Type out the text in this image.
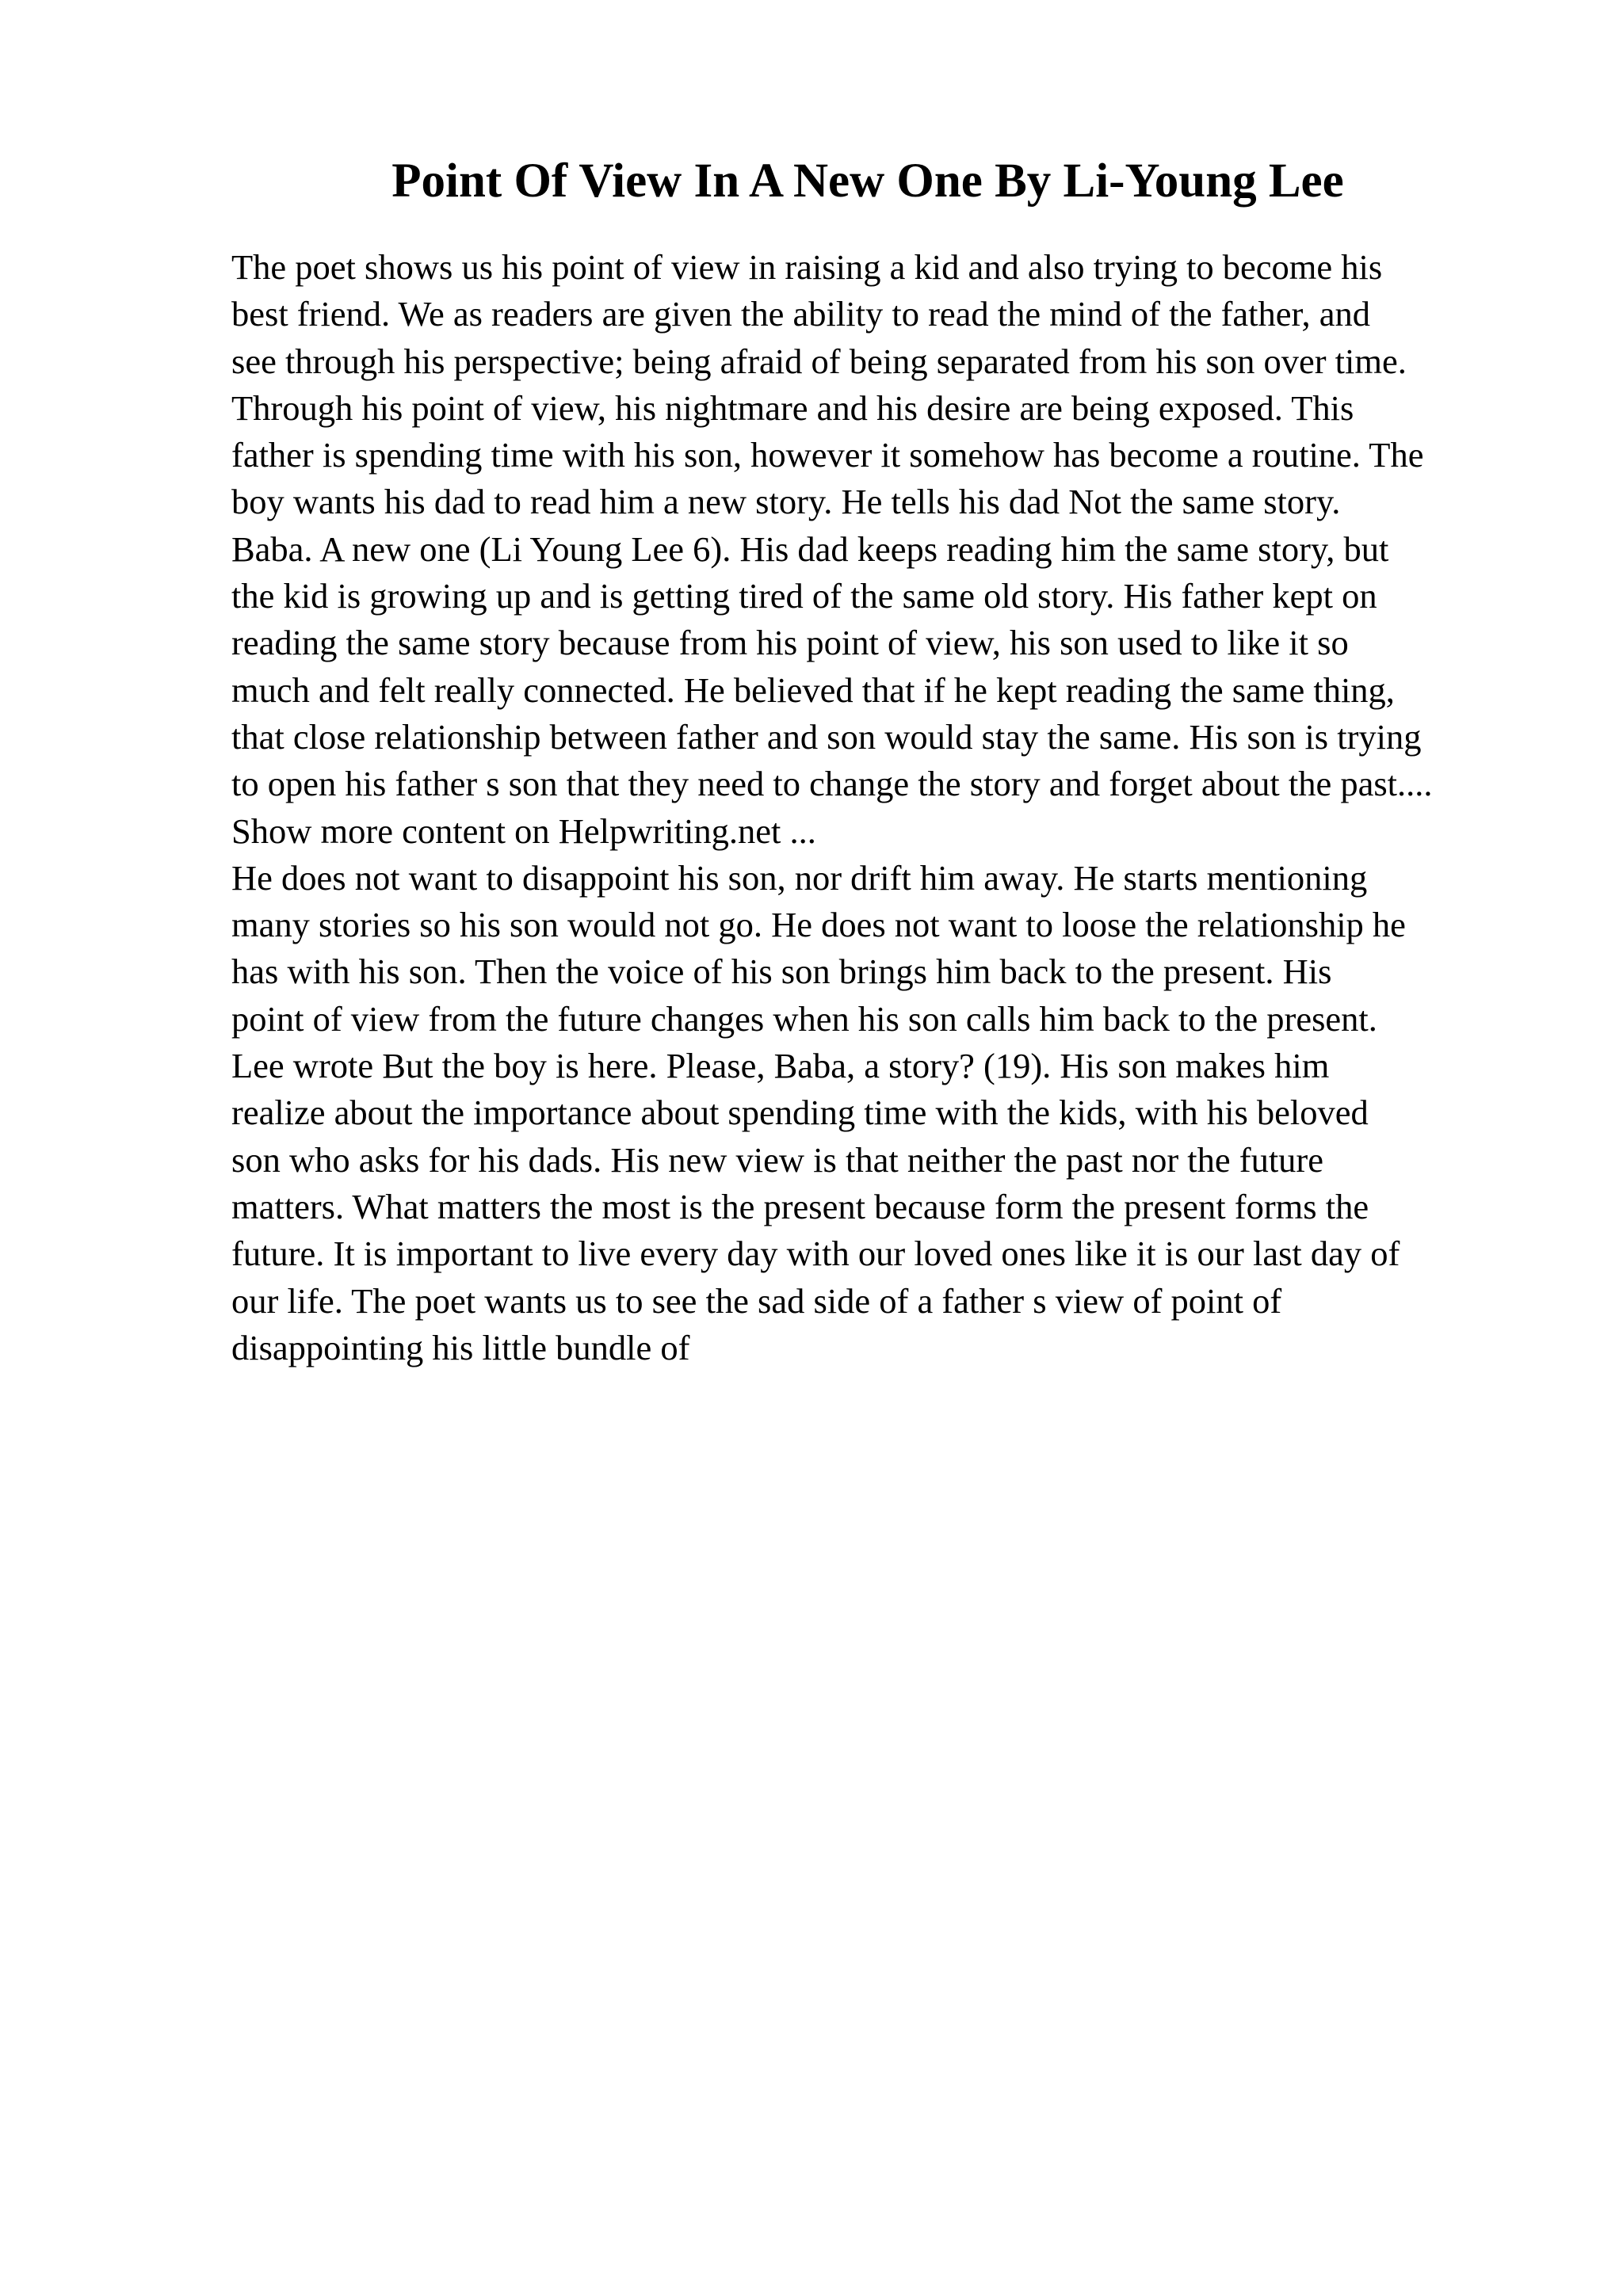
Point Of View In A New One By Li-Young Lee
The poet shows us his point of view in raising a kid and also trying to become his
best friend. We as readers are given the ability to read the mind of the father, and
see through his perspective; being afraid of being separated from his son over time.
Through his point of view, his nightmare and his desire are being exposed. This
father is spending time with his son, however it somehow has become a routine. The
boy wants his dad to read him a new story. He tells his dad Not the same story.
Baba. A new one (Li Young Lee 6). His dad keeps reading him the same story, but
the kid is growing up and is getting tired of the same old story. His father kept on
reading the same story because from his point of view, his son used to like it so
much and felt really connected. He believed that if he kept reading the same thing,
that close relationship between father and son would stay the same. His son is trying
to open his father s son that they need to change the story and forget about the past....
Show more content on Helpwriting.net ...
He does not want to disappoint his son, nor drift him away. He starts mentioning
many stories so his son would not go. He does not want to loose the relationship he
has with his son. Then the voice of his son brings him back to the present. His
point of view from the future changes when his son calls him back to the present.
Lee wrote But the boy is here. Please, Baba, a story? (19). His son makes him
realize about the importance about spending time with the kids, with his beloved
son who asks for his dads. His new view is that neither the past nor the future
matters. What matters the most is the present because form the present forms the
future. It is important to live every day with our loved ones like it is our last day of
our life. The poet wants us to see the sad side of a father s view of point of
disappointing his little bundle of
